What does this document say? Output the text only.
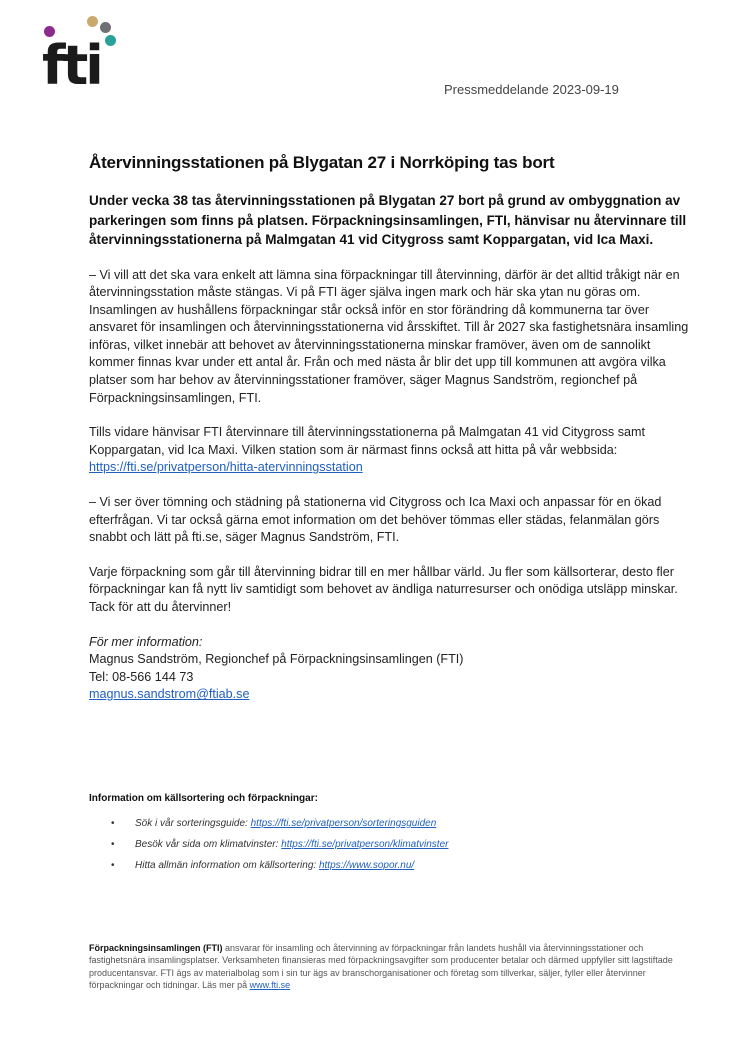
fti	Pressmeddelande 2023-09-19
Återvinningsstationen på Blygatan 27 i Norrköping tas bort

Under vecka 38 tas återvinningsstationen på Blygatan 27 bort på grund av ombyggnation av parkeringen som finns på platsen. Förpackningsinsamlingen, FTI, hänvisar nu återvinnare till återvinningsstationerna på Malmgatan 41 vid Citygross samt Koppargatan, vid Ica Maxi.

– Vi vill att det ska vara enkelt att lämna sina förpackningar till återvinning, därför är det alltid tråkigt när en återvinningsstation måste stängas. Vi på FTI äger själva ingen mark och här ska ytan nu göras om. Insamlingen av hushållens förpackningar står också inför en stor förändring då kommunerna tar över ansvaret för insamlingen och återvinningsstationerna vid årsskiftet. Till år 2027 ska fastighetsnära insamling införas, vilket innebär att behovet av återvinningsstationerna minskar framöver, även om de sannolikt kommer finnas kvar under ett antal år. Från och med nästa år blir det upp till kommunen att avgöra vilka platser som har behov av återvinningsstationer framöver, säger Magnus Sandström, regionchef på Förpackningsinsamlingen, FTI.

Tills vidare hänvisar FTI återvinnare till återvinningsstationerna på Malmgatan 41 vid Citygross samt Koppargatan, vid Ica Maxi. Vilken station som är närmast finns också att hitta på vår webbsida: https://fti.se/privatperson/hitta-atervinningsstation

– Vi ser över tömning och städning på stationerna vid Citygross och Ica Maxi och anpassar för en ökad efterfrågan. Vi tar också gärna emot information om det behöver tömmas eller städas, felanmälan görs snabbt och lätt på fti.se, säger Magnus Sandström, FTI.

Varje förpackning som går till återvinning bidrar till en mer hållbar värld. Ju fler som källsorterar, desto fler förpackningar kan få nytt liv samtidigt som behovet av ändliga naturresurser och onödiga utsläpp minskar. Tack för att du återvinner!

För mer information:

Magnus Sandström, Regionchef på Förpackningsinsamlingen (FTI)

Tel: 08-566 144 73

magnus.sandstrom@ftiab.se

Information om källsortering och förpackningar:
• Sök i vår sorteringsguide: https://fti.se/privatperson/sorteringsguiden
• Besök vår sida om klimatvinster: https://fti.se/privatperson/klimatvinster
• Hitta allmän information om källsortering: https://www.sopor.nu/
Förpackningsinsamlingen (FTI) ansvarar för insamling och återvinning av förpackningar från landets hushåll via återvinningsstationer och fastighetsnära insamlingsplatser. Verksamheten finansieras med förpackningsavgifter som producenter betalar och därmed uppfyller sitt lagstiftade producentansvar. FTI ägs av materialbolag som i sin tur ägs av branschorganisationer och företag som tillverkar, säljer, fyller eller återvinner förpackningar och tidningar. Läs mer på www.fti.se
